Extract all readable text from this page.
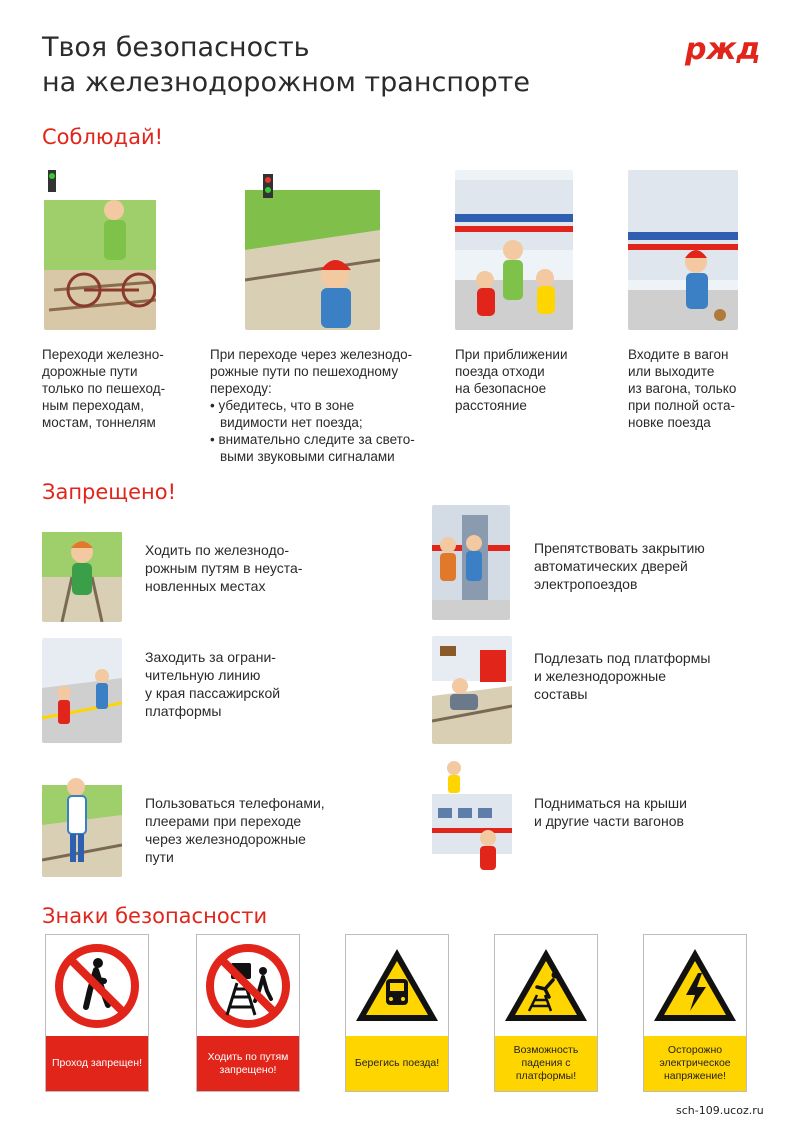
Твоя безопасность
на железнодорожном транспорте
ржд
Соблюдай!
Запрещено!
Знаки безопасности
Переходи железно-
дорожные пути
только по пешеход-
ным переходам,
мостам, тоннелям
При переходе через железнодо-
рожные пути по пешеходному
переходу:
• убедитесь, что в зоне
видимости нет поезда;
• внимательно следите за свето-
выми звуковыми сигналами
При приближении
поезда отходи
на безопасное
расстояние
Входите в вагон
или выходите
из вагона, только
при полной оста-
новке поезда
Ходить по железнодо-
рожным путям в неуста-
новленных местах
Препятствовать закрытию
автоматических дверей
электропоездов
Заходить за ограни-
чительную линию
у края пассажирской
платформы
Подлезать под платформы
и железнодорожные
составы
Пользоваться телефонами,
плеерами при переходе
через железнодорожные
пути
Подниматься на крыши
и другие части вагонов
Проход запрещен!
Ходить по путям запрещено!
Берегись поезда!
Возможность падения с платформы!
Осторожно электрическое напряжение!
sch-109.ucoz.ru
